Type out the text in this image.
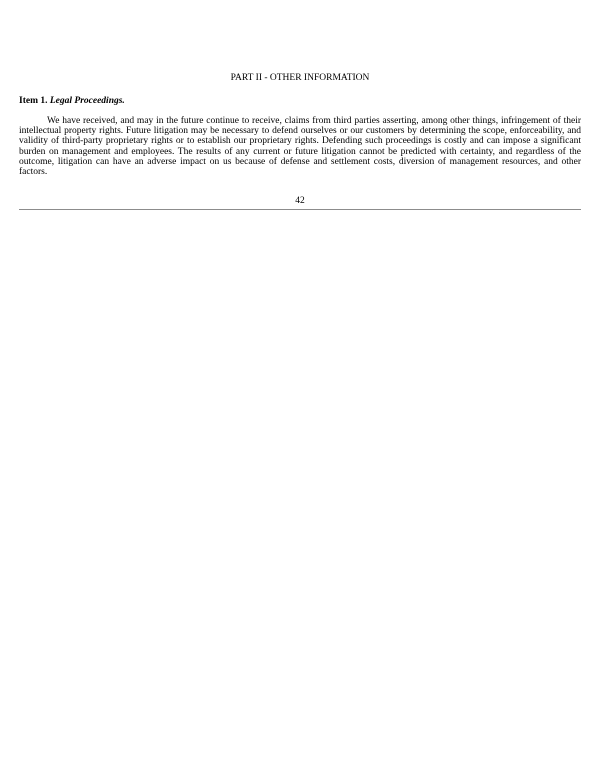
PART II - OTHER INFORMATION

Item 1. Legal Proceedings.

We have received, and may in the future continue to receive, claims from third parties asserting, among other things, infringement of their intellectual property rights. Future litigation may be necessary to defend ourselves or our customers by determining the scope, enforceability, and validity of third-party proprietary rights or to establish our proprietary rights. Defending such proceedings is costly and can impose a significant burden on management and employees. The results of any current or future litigation cannot be predicted with certainty, and regardless of the outcome, litigation can have an adverse impact on us because of defense and settlement costs, diversion of management resources, and other factors.

42
